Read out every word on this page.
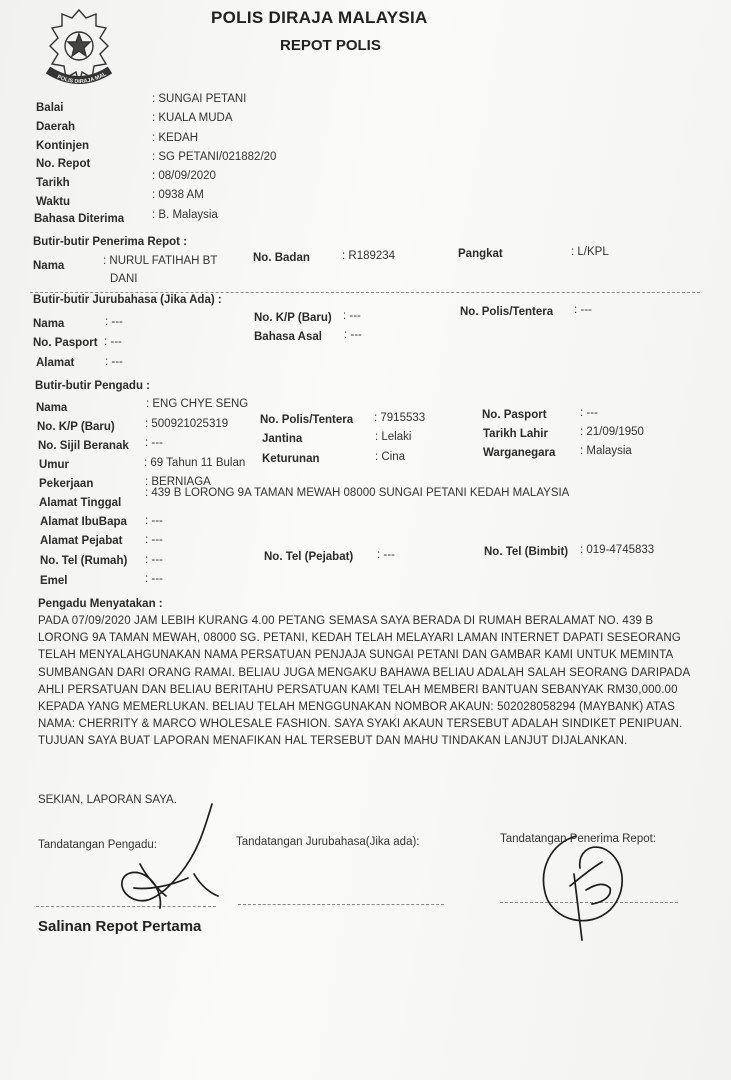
POLIS DIRAJA MAL
POLIS DIRAJA MALAYSIA
REPOT POLIS
Balai
: SUNGAI PETANI
Daerah
: KUALA MUDA
Kontinjen
: KEDAH
No. Repot
: SG PETANI/021882/20
Tarikh
: 08/09/2020
Waktu
: 0938 AM
Bahasa Diterima : B. Malaysia
Butir-butir Penerima Repot :
Nama	: NURUL FATIHAH BT
DANI
No. Badan	: R189234	Pangkat	: L/KPL
Butir-butir Jurubahasa (Jika Ada) :
Nama	: ---
No. Pasport : ---
Alamat	: ---
No. K/P (Baru) : ---
Bahasa Asal : ---
No. Polis/Tentera : ---
Butir-butir Pengadu :
Nama	: ENG CHYE SENG
No. K/P (Baru)	: 500921025319
No. Sijil Beranak : ---
Umur	: 69 Tahun 11 Bulan
Pekerjaan	: BERNIAGA
Alamat Tinggal
: 439 B LORONG 9A TAMAN MEWAH 08000 SUNGAI PETANI KEDAH MALAYSIA
Alamat IbuBapa : ---
Alamat Pejabat : ---
No. Tel (Rumah) : ---
Emel	: ---
No. Polis/Tentera : 7915533
Jantina	: Lelaki
Keturunan	: Cina
No. Tel (Pejabat) : ---
No. Pasport	: ---
Tarikh Lahir	: 21/09/1950
Warganegara : Malaysia
No. Tel (Bimbit) : 019-4745833
Pengadu Menyatakan :
PADA 07/09/2020 JAM LEBIH KURANG 4.00 PETANG SEMASA SAYA BERADA DI RUMAH BERALAMAT NO. 439 B LORONG 9A TAMAN MEWAH, 08000 SG. PETANI, KEDAH TELAH MELAYARI LAMAN INTERNET DAPATI SESEORANG TELAH MENYALAHGUNAKAN NAMA PERSATUAN PENJAJA SUNGAI PETANI DAN GAMBAR KAMI UNTUK MEMINTA SUMBANGAN DARI ORANG RAMAI. BELIAU JUGA MENGAKU BAHAWA BELIAU ADALAH SALAH SEORANG DARIPADA AHLI PERSATUAN DAN BELIAU BERITAHU PERSATUAN KAMI TELAH MEMBERI BANTUAN SEBANYAK RM30,000.00 KEPADA YANG MEMERLUKAN. BELIAU TELAH MENGGUNAKAN NOMBOR AKAUN: 502028058294 (MAYBANK) ATAS NAMA: CHERRITY & MARCO WHOLESALE FASHION. SAYA SYAKI AKAUN TERSEBUT ADALAH SINDIKET PENIPUAN. TUJUAN SAYA BUAT LAPORAN MENAFIKAN HAL TERSEBUT DAN MAHU TINDAKAN LANJUT DIJALANKAN.
SEKIAN, LAPORAN SAYA.
Tandatangan Pengadu:	Tandatangan Jurubahasa(Jika ada):	Tandatangan Penerima Repot:
Salinan Repot Pertama
